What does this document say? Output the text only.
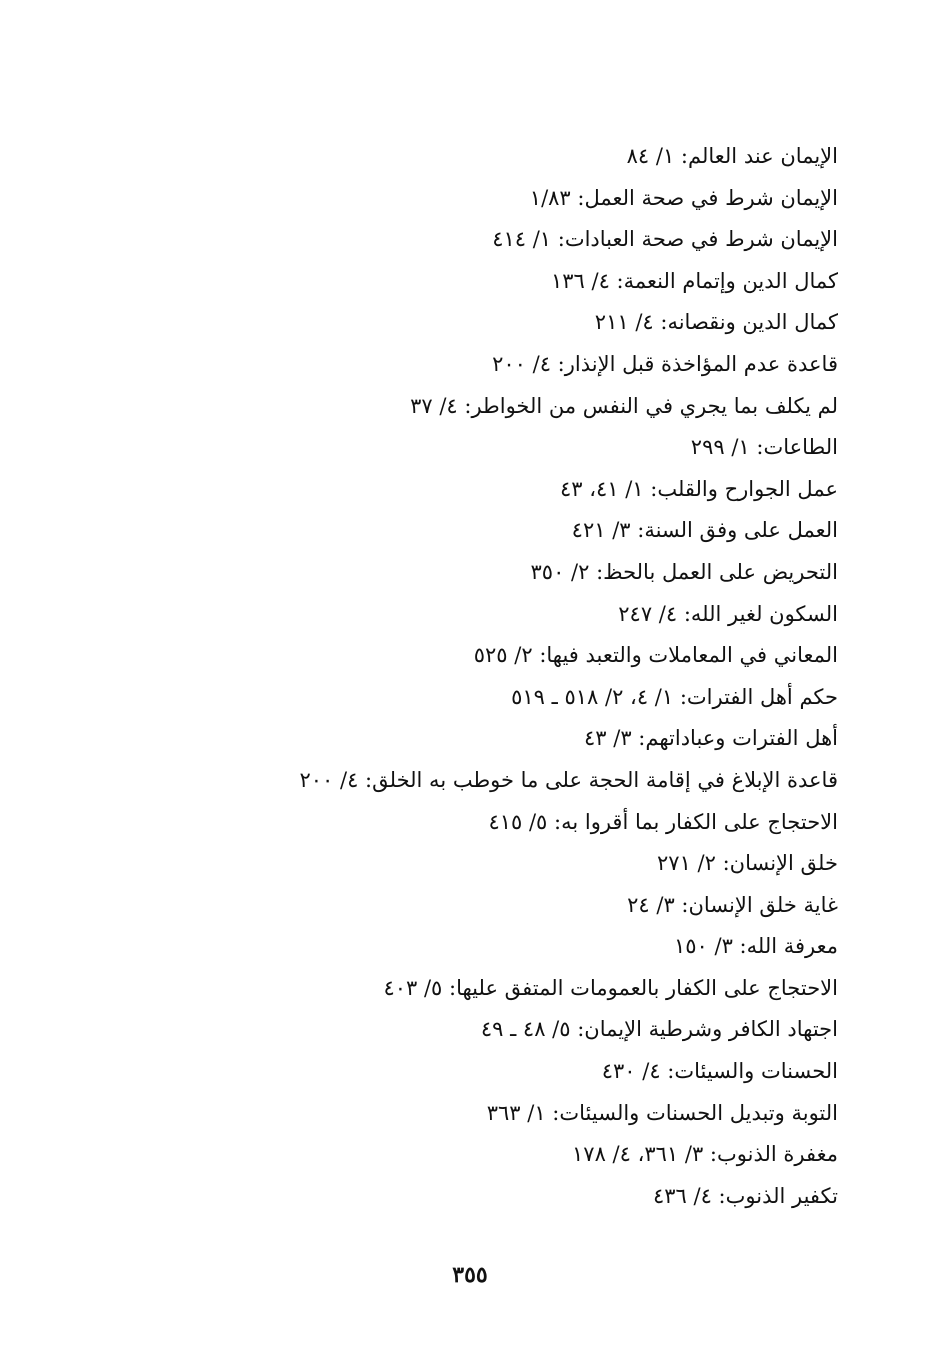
الإيمان عند العالم: ١/ ٨٤
الإيمان شرط في صحة العمل: ١/٨٣
الإيمان شرط في صحة العبادات: ١/ ٤١٤
كمال الدين وإتمام النعمة: ٤/ ١٣٦
كمال الدين ونقصانه: ٤/ ٢١١
قاعدة عدم المؤاخذة قبل الإنذار: ٤/ ٢٠٠
لم يكلف بما يجري في النفس من الخواطر: ٤/ ٣٧
الطاعات: ١/ ٢٩٩
عمل الجوارح والقلب: ١/ ٤١، ٤٣
العمل على وفق السنة: ٣/ ٤٢١
التحريض على العمل بالحظ: ٢/ ٣٥٠
السكون لغير الله: ٤/ ٢٤٧
المعاني في المعاملات والتعبد فيها: ٢/ ٥٢٥
حكم أهل الفترات: ١/ ٤، ٢/ ٥١٨ ـ ٥١٩
أهل الفترات وعباداتهم: ٣/ ٤٣
قاعدة الإبلاغ في إقامة الحجة على ما خوطب به الخلق: ٤/ ٢٠٠
الاحتجاج على الكفار بما أقروا به: ٥/ ٤١٥
خلق الإنسان: ٢/ ٢٧١
غاية خلق الإنسان: ٣/ ٢٤
معرفة الله: ٣/ ١٥٠
الاحتجاج على الكفار بالعمومات المتفق عليها: ٥/ ٤٠٣
اجتهاد الكافر وشرطية الإيمان: ٥/ ٤٨ ـ ٤٩
الحسنات والسيئات: ٤/ ٤٣٠
التوبة وتبديل الحسنات والسيئات: ١/ ٣٦٣
مغفرة الذنوب: ٣/ ٣٦١، ٤/ ١٧٨
تكفير الذنوب: ٤/ ٤٣٦
٣٥٥
